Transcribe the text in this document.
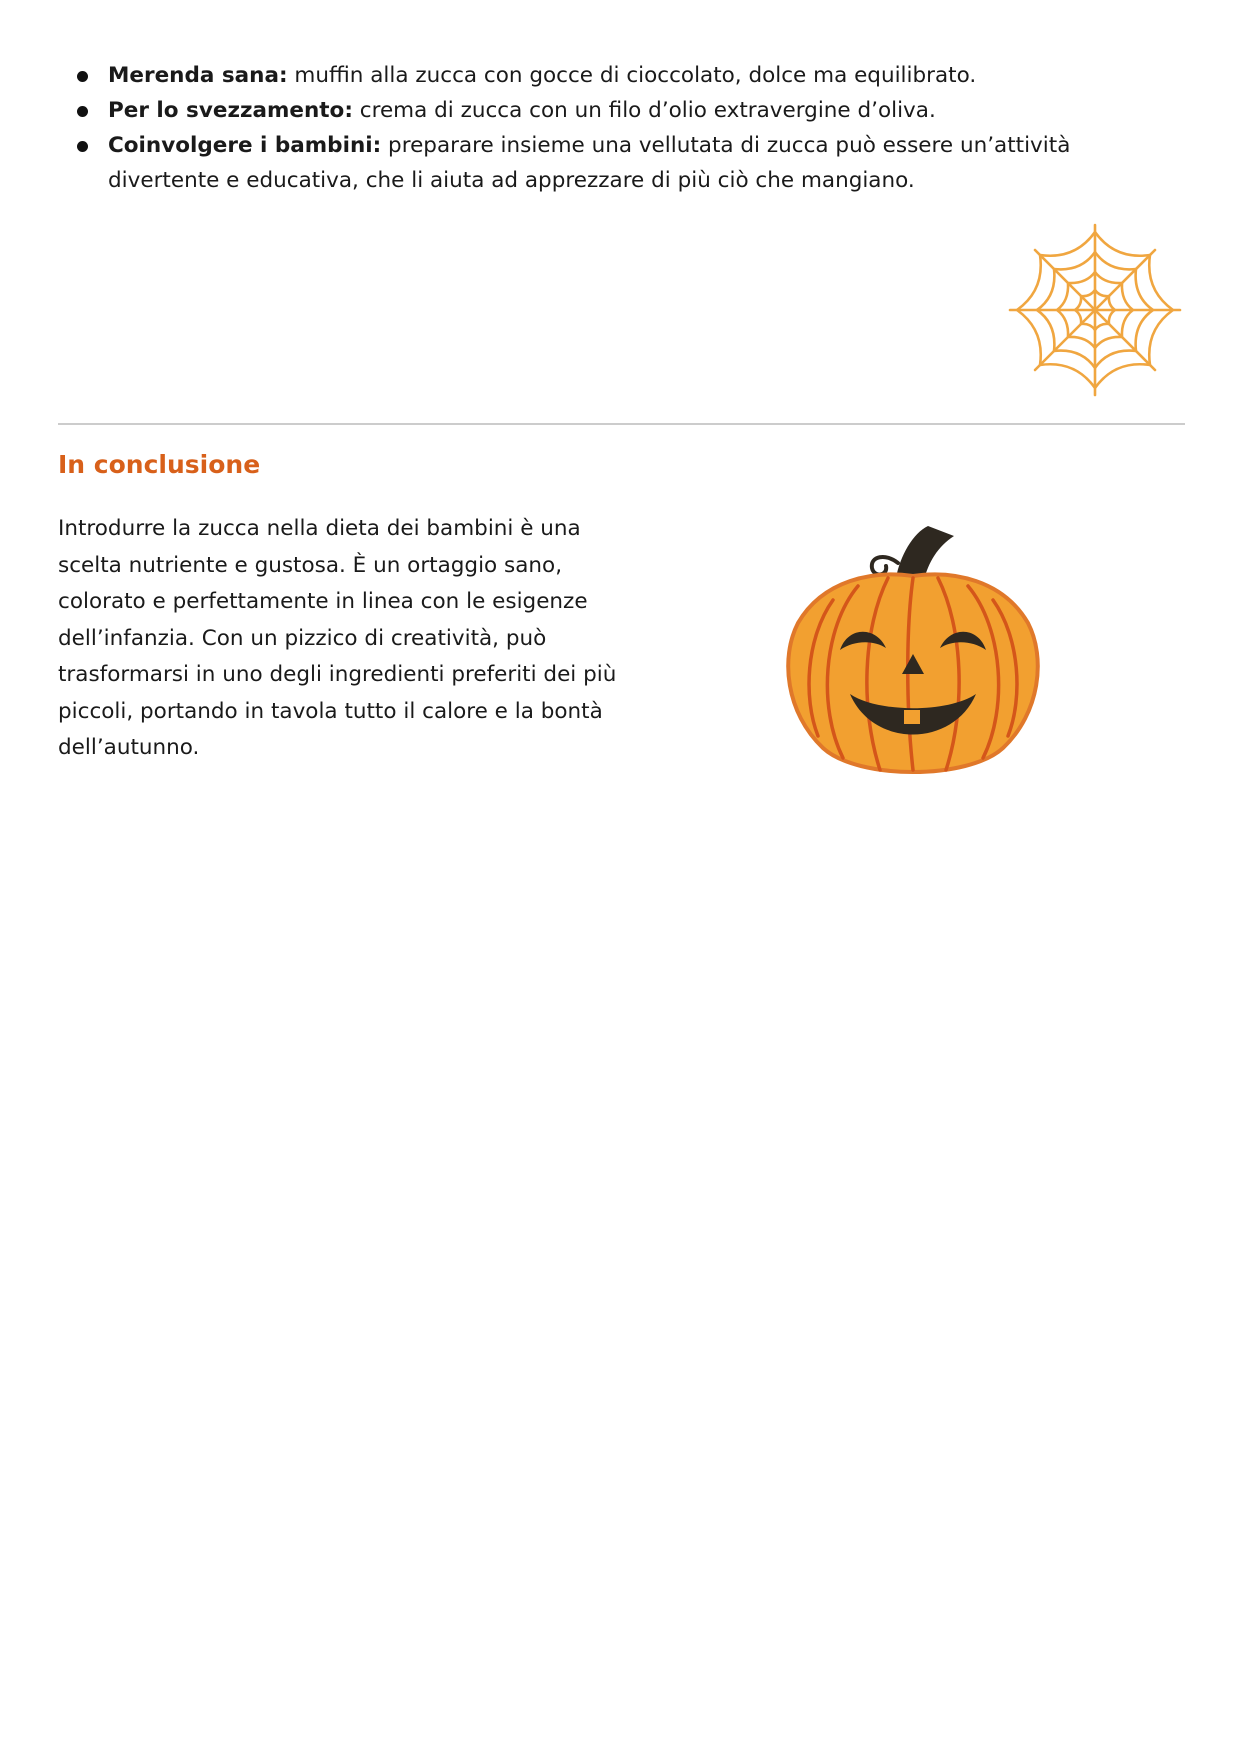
Merenda sana: muffin alla zucca con gocce di cioccolato, dolce ma equilibrato.
Per lo svezzamento: crema di zucca con un filo d’olio extravergine d’oliva.
Coinvolgere i bambini: preparare insieme una vellutata di zucca può essere un’attività divertente e educativa, che li aiuta ad apprezzare di più ciò che mangiano.
In conclusione

Introdurre la zucca nella dieta dei bambini è una scelta nutriente e gustosa. È un ortaggio sano, colorato e perfettamente in linea con le esigenze dell’infanzia. Con un pizzico di creatività, può trasformarsi in uno degli ingredienti preferiti dei più piccoli, portando in tavola tutto il calore e la bontà dell’autunno.
